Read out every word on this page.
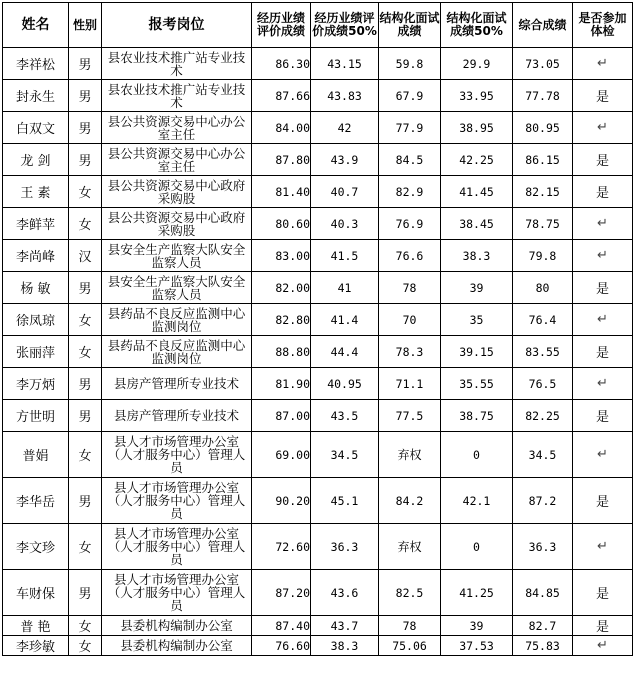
姓名	性别	报考岗位	经历业绩评价成绩	经历业绩评价成绩50%	结构化面试成绩	结构化面试成绩50%	综合成绩	是否参加体检
李祥松	男	县农业技术推广站专业技术	86.30	43.15	59.8	29.9	73.05	↵
封永生	男	县农业技术推广站专业技术	87.66	43.83	67.9	33.95	77.78	是
白双文	男	县公共资源交易中心办公室主任	84.00	42	77.9	38.95	80.95	↵
龙 剑	男	县公共资源交易中心办公室主任	87.80	43.9	84.5	42.25	86.15	是
王 素	女	县公共资源交易中心政府采购股	81.40	40.7	82.9	41.45	82.15	是
李鲜苹	女	县公共资源交易中心政府采购股	80.60	40.3	76.9	38.45	78.75	↵
李尚峰	汉	县安全生产监察大队安全监察人员	83.00	41.5	76.6	38.3	79.8	↵
杨 敏	男	县安全生产监察大队安全监察人员	82.00	41	78	39	80	是
徐凤琼	女	县药品不良反应监测中心监测岗位	82.80	41.4	70	35	76.4	↵
张丽萍	女	县药品不良反应监测中心监测岗位	88.80	44.4	78.3	39.15	83.55	是
李万炳	男	县房产管理所专业技术	81.90	40.95	71.1	35.55	76.5	↵
方世明	男	县房产管理所专业技术	87.00	43.5	77.5	38.75	82.25	是
普娟	女	县人才市场管理办公室（人才服务中心）管理人员	69.00	34.5	弃权	0	34.5	↵
李华岳	男	县人才市场管理办公室（人才服务中心）管理人员	90.20	45.1	84.2	42.1	87.2	是
李文珍	女	县人才市场管理办公室（人才服务中心）管理人员	72.60	36.3	弃权	0	36.3	↵
车财保	男	县人才市场管理办公室（人才服务中心）管理人员	87.20	43.6	82.5	41.25	84.85	是
普 艳	女	县委机构编制办公室	87.40	43.7	78	39	82.7	是
李珍敏	女	县委机构编制办公室	76.60	38.3	75.06	37.53	75.83	↵
